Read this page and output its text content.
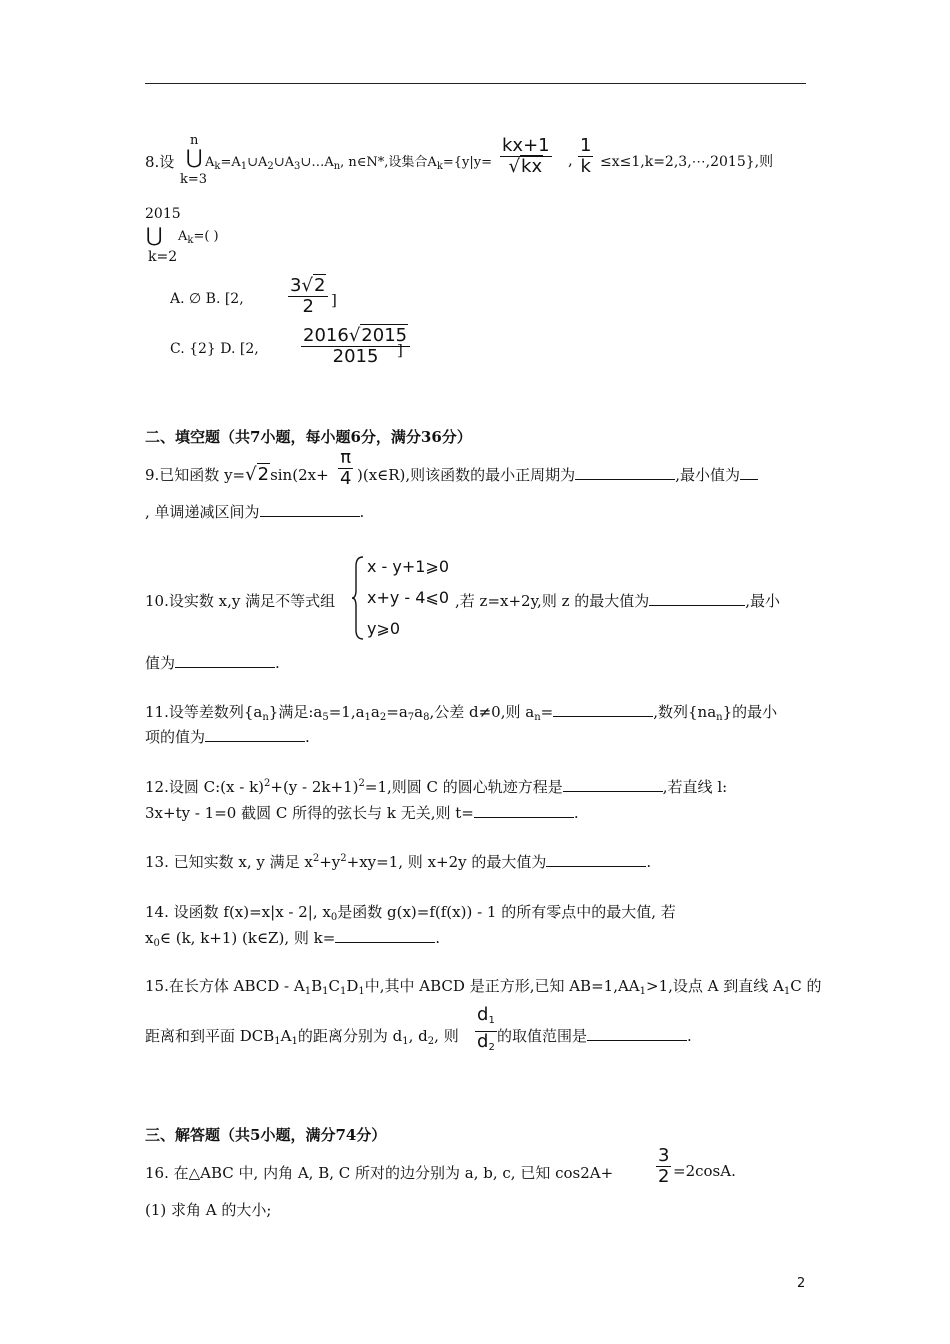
n
8.设 ⋃
k=3
$A_k=A_1\cup A_2\cup A_3\cup\dots A_n$, n∈N*,设集合$A_k=\{y|y= \frac{kx+1}{√kx}$ , $\frac{1}{k}$ ≤x≤1,k=2,3,⋯,2015},则
2015
⋃ $A_k=$( )
k=2
A. ∅ B. [2, $\frac{3√2}{2}$ ]
C. {2} D. [2, $\frac{2016√2015}{2015}$
]
二、填空题（共7小题，每小题6分，满分36分）
9.已知函数 $y=√2\sin(2x+ \frac{\pi}{4}$ )(x∈R),则该函数的最小正周期为	,最小值为
, 单调递减区间为	.
10.设实数 x,y 满足不等式组
x - y+1⩾0
x+y - 4⩽0
y⩾0
,若 z=x+2y,则 z 的最大值为	,最小
值为	.
11.设等差数列$\{a_n\}$满足$:a_5=1,a_1a_2=a_7a_8$,公差 d≠0,则 $a_n=$	,数列$\{na_n\}$的最小
项的值为	.
12.设圆 C:(x - $k)^2+(y - 2k+1)^2=1$,则圆 C 的圆心轨迹方程是	,若直线 l:
3x+ty - 1=0 截圆 C 所得的弦长与 k 无关,则 t=	.
13. 已知实数 x, y 满足 $x^2+y^2+xy=1$, 则 x+2y 的最大值为	.
14. 设函数 f(x)=x|x - 2|, $x_0$是函数 g(x)=f(f(x)) - 1 的所有零点中的最大值, 若
$x_0\in$ (k, k+1) (k∈Z), 则 k=	.
15.在长方体 ABCD - $A_1B_1C_1D_1$中,其中 ABCD 是正方形,已知 $AB=1,AA_1>1$,设点 A 到直线 $A_1C$ 的
距离和到平面 $DCB_1A_1$的距离分别为 $d_1$, $d_2$, 则 $\frac{d_1}{d_2}$ 的取值范围是	.
三、解答题（共5小题，满分74分）
16. 在△ABC 中, 内角 A, B, C 所对的边分别为 a, b, c, 已知 $\cos 2A+ \frac{3}{2} =2\cos A$.
(1) 求角 A 的大小;
2
